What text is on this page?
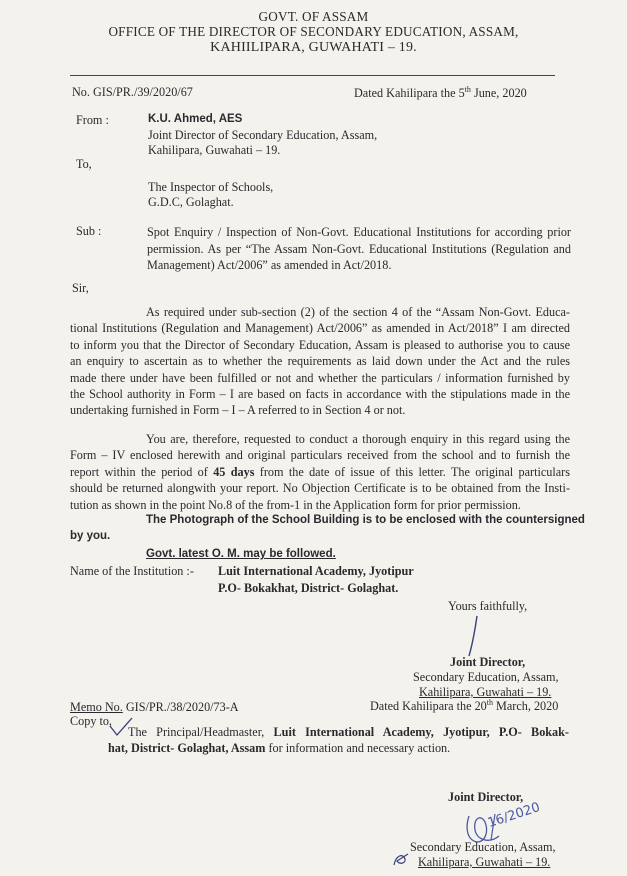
GOVT. OF ASSAM
OFFICE OF THE DIRECTOR OF SECONDARY EDUCATION, ASSAM,
KAHIILIPARA, GUWAHATI – 19.
No. GIS/PR./39/2020/67	Dated Kahilipara the 5th June, 2020
From :	K.U. Ahmed, AES
Joint Director of Secondary Education, Assam,
Kahilipara, Guwahati – 19.
To,
The Inspector of Schools,
G.D.C, Golaghat.
Sub :	Spot Enquiry / Inspection of Non-Govt. Educational Institutions for according prior
permission. As per “The Assam Non-Govt. Educational Institutions (Regulation and
Management) Act/2006” as amended in Act/2018.
Sir,
As required under sub-section (2) of the section 4 of the “Assam Non-Govt. Educa-
tional Institutions (Regulation and Management) Act/2006” as amended in Act/2018” I am directed
to inform you that the Director of Secondary Education, Assam is pleased to authorise you to cause
an enquiry to ascertain as to whether the requirements as laid down under the Act and the rules
made there under have been fulfilled or not and whether the particulars / information furnished by
the School authority in Form – I are based on facts in accordance with the stipulations made in the
undertaking furnished in Form – I – A referred to in Section 4 or not.
You are, therefore, requested to conduct a thorough enquiry in this regard using the
Form – IV enclosed herewith and original particulars received from the school and to furnish the
report within the period of 45 days from the date of issue of this letter. The original particulars
should be returned alongwith your report. No Objection Certificate is to be obtained from the Insti-
tution as shown in the point No.8 of the from-1 in the Application form for prior permission.
The Photograph of the School Building is to be enclosed with the countersigned
by you.
Govt. latest O. M. may be followed.
Name of the Institution :- Luit International Academy, Jyotipur
P.O- Bokakhat, District- Golaghat.
Yours faithfully,
Joint Director,
Secondary Education, Assam,
Kahilipara, Guwahati – 19.
Memo No. GIS/PR./38/2020/73-A	Dated Kahilipara the 20th March, 2020
Copy to,
The Principal/Headmaster, Luit International Academy, Jyotipur, P.O- Bokak-
hat, District- Golaghat, Assam for information and necessary action.
Joint Director,
16/2020
Secondary Education, Assam,
Kahilipara, Guwahati – 19.
